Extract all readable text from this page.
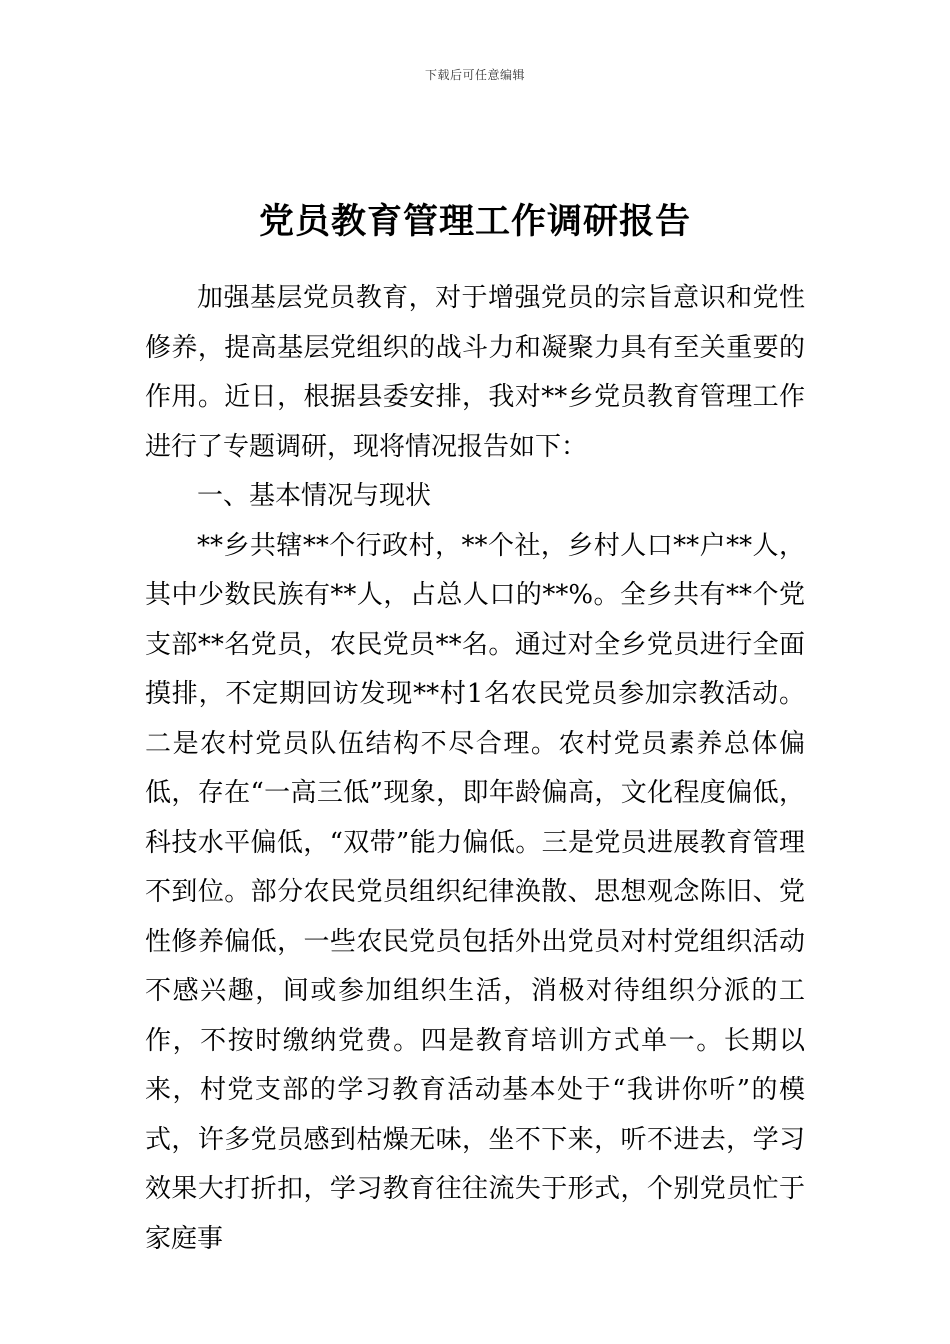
下载后可任意编辑
党员教育管理工作调研报告

加强基层党员教育，对于增强党员的宗旨意识和党性修养，提高基层党组织的战斗力和凝聚力具有至关重要的作用。近日，根据县委安排，我对**乡党员教育管理工作进行了专题调研，现将情况报告如下：

一、基本情况与现状

**乡共辖**个行政村，**个社，乡村人口**户**人，其中少数民族有**人，占总人口的**%。全乡共有**个党支部**名党员，农民党员**名。通过对全乡党员进行全面摸排，不定期回访发现**村1名农民党员参加宗教活动。二是农村党员队伍结构不尽合理。农村党员素养总体偏低，存在“一高三低”现象，即年龄偏高，文化程度偏低，科技水平偏低，“双带”能力偏低。三是党员进展教育管理不到位。部分农民党员组织纪律涣散、思想观念陈旧、党性修养偏低，一些农民党员包括外出党员对村党组织活动不感兴趣，间或参加组织生活，消极对待组织分派的工作，不按时缴纳党费。四是教育培训方式单一。长期以来，村党支部的学习教育活动基本处于“我讲你听”的模式，许多党员感到枯燥无味，坐不下来，听不进去，学习效果大打折扣，学习教育往往流失于形式，个别党员忙于家庭事
